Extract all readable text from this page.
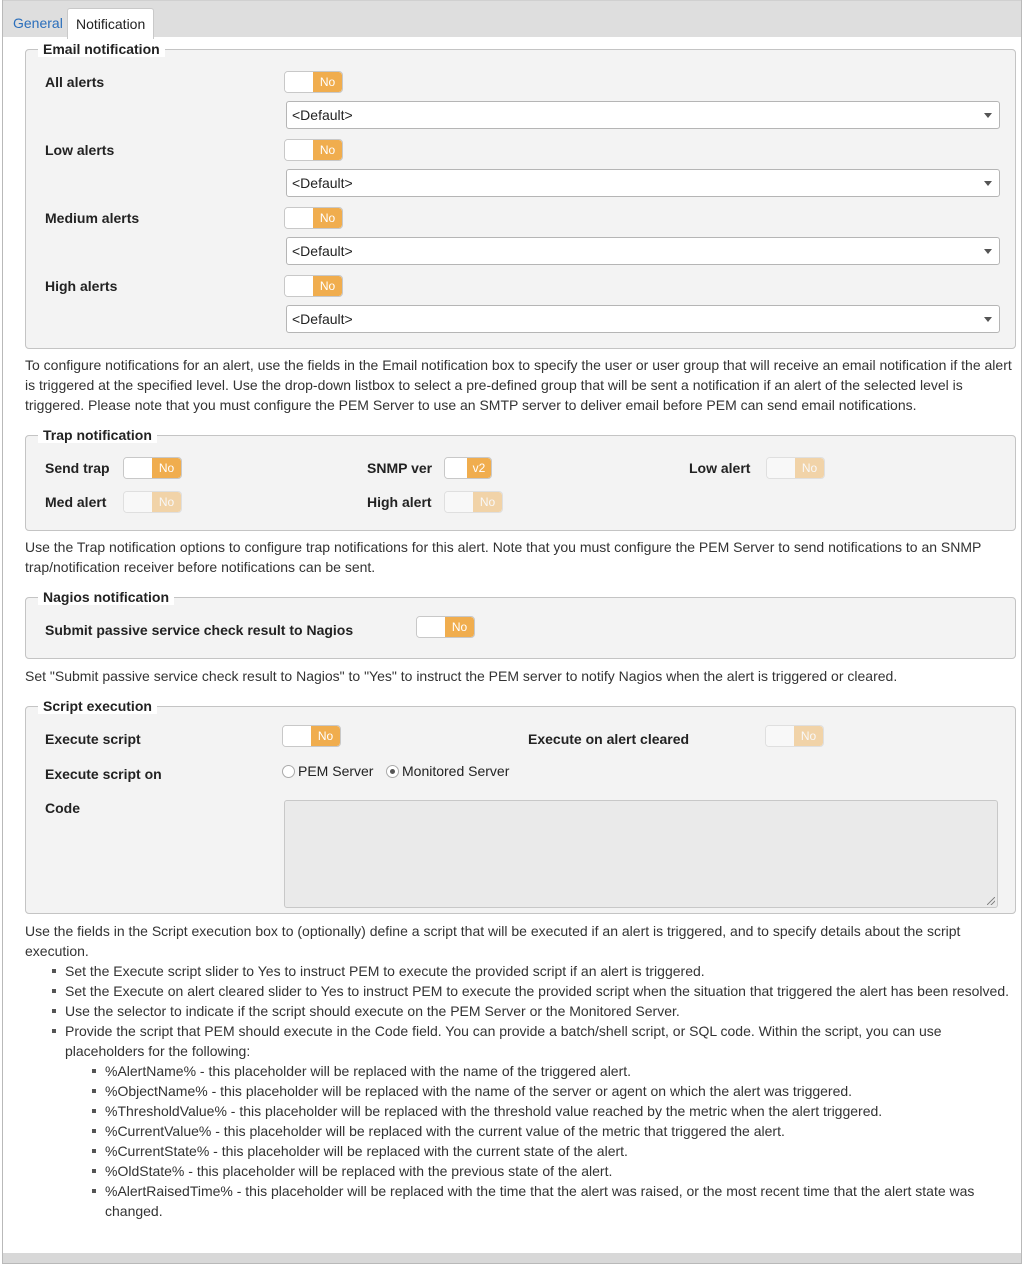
General Notification
Email notification
All alerts	No
<Default>
Low alerts	No
<Default>
Medium alerts	No
<Default>
High alerts	No
<Default>
To configure notifications for an alert, use the fields in the Email notification box to specify the user or user group that will receive an email notification if the alert is triggered at the specified level. Use the drop-down listbox to select a pre-defined group that will be sent a notification if an alert of the selected level is triggered. Please note that you must configure the PEM Server to use an SMTP server to deliver email before PEM can send email notifications.
Trap notification
Send trap	No	SNMP ver	v2	Low alert	No
Med alert	No	High alert	No
Use the Trap notification options to configure trap notifications for this alert. Note that you must configure the PEM Server to send notifications to an SNMP trap/notification receiver before notifications can be sent.
Nagios notification
Submit passive service check result to Nagios	No
Set "Submit passive service check result to Nagios" to "Yes" to instruct the PEM server to notify Nagios when the alert is triggered or cleared.
Script execution
Execute script	No	Execute on alert cleared	No
Execute script on	PEM Server Monitored Server
Code
Use the fields in the Script execution box to (optionally) define a script that will be executed if an alert is triggered, and to specify details about the script execution.
Set the Execute script slider to Yes to instruct PEM to execute the provided script if an alert is triggered.
Set the Execute on alert cleared slider to Yes to instruct PEM to execute the provided script when the situation that triggered the alert has been resolved.
Use the selector to indicate if the script should execute on the PEM Server or the Monitored Server.
Provide the script that PEM should execute in the Code field. You can provide a batch/shell script, or SQL code. Within the script, you can use placeholders for the following:
%AlertName% - this placeholder will be replaced with the name of the triggered alert.
%ObjectName% - this placeholder will be replaced with the name of the server or agent on which the alert was triggered.
%ThresholdValue% - this placeholder will be replaced with the threshold value reached by the metric when the alert triggered.
%CurrentValue% - this placeholder will be replaced with the current value of the metric that triggered the alert.
%CurrentState% - this placeholder will be replaced with the current state of the alert.
%OldState% - this placeholder will be replaced with the previous state of the alert.
%AlertRaisedTime% - this placeholder will be replaced with the time that the alert was raised, or the most recent time that the alert state was changed.
